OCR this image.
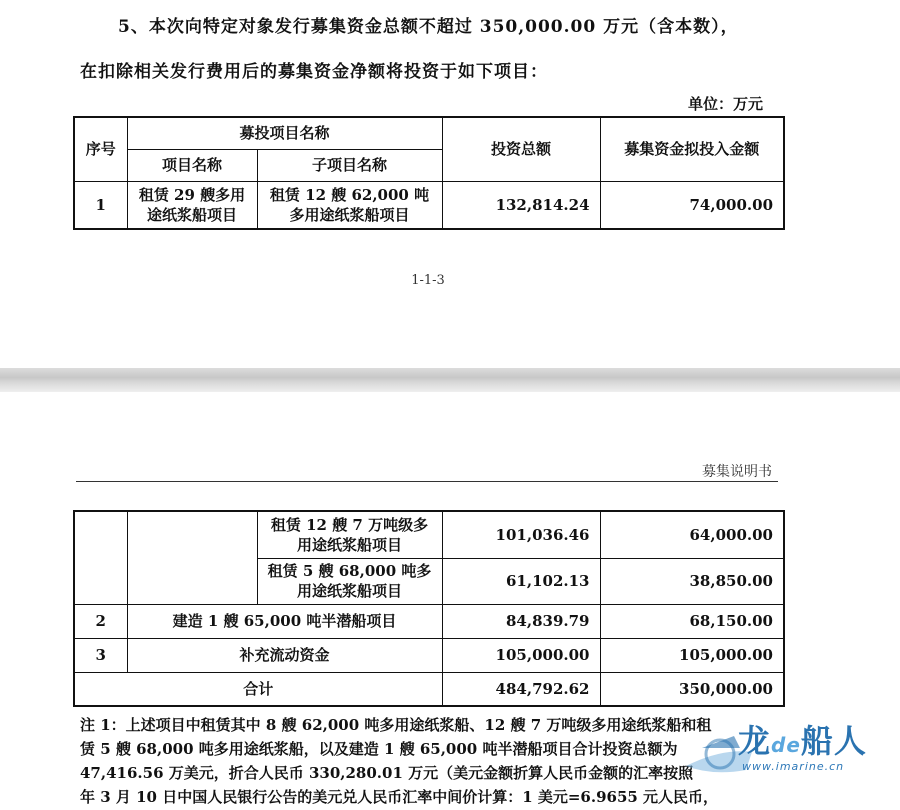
5、本次向特定对象发行募集资金总额不超过 350,000.00 万元（含本数），
在扣除相关发行费用后的募集资金净额将投资于如下项目：
单位：万元
序号	募投项目名称		投资总额	募集资金拟投入金额
	项目名称	子项目名称		
1	租赁 29 艘多用途纸浆船项目	租赁 12 艘 62,000 吨多用途纸浆船项目	132,814.24	74,000.00
1-1-3
募集说明书
		租赁 12 艘 7 万吨级多用途纸浆船项目	101,036.46	64,000.00
		租赁 5 艘 68,000 吨多用途纸浆船项目	61,102.13	38,850.00
2	建造 1 艘 65,000 吨半潜船项目		84,839.79	68,150.00
3	补充流动资金		105,000.00	105,000.00
合计			484,792.62	350,000.00
注 1：上述项目中租赁其中 8 艘 62,000 吨多用途纸浆船、12 艘 7 万吨级多用途纸浆船和租
赁 5 艘 68,000 吨多用途纸浆船，以及建造 1 艘 65,000 吨半潜船项目合计投资总额为
47,416.56 万美元，折合人民币 330,280.01 万元（美元金额折算人民币金额的汇率按照
年 3 月 10 日中国人民银行公告的美元兑人民币汇率中间价计算：1 美元=6.9655 元人民币，
龙de船人
www.imarine.cn
